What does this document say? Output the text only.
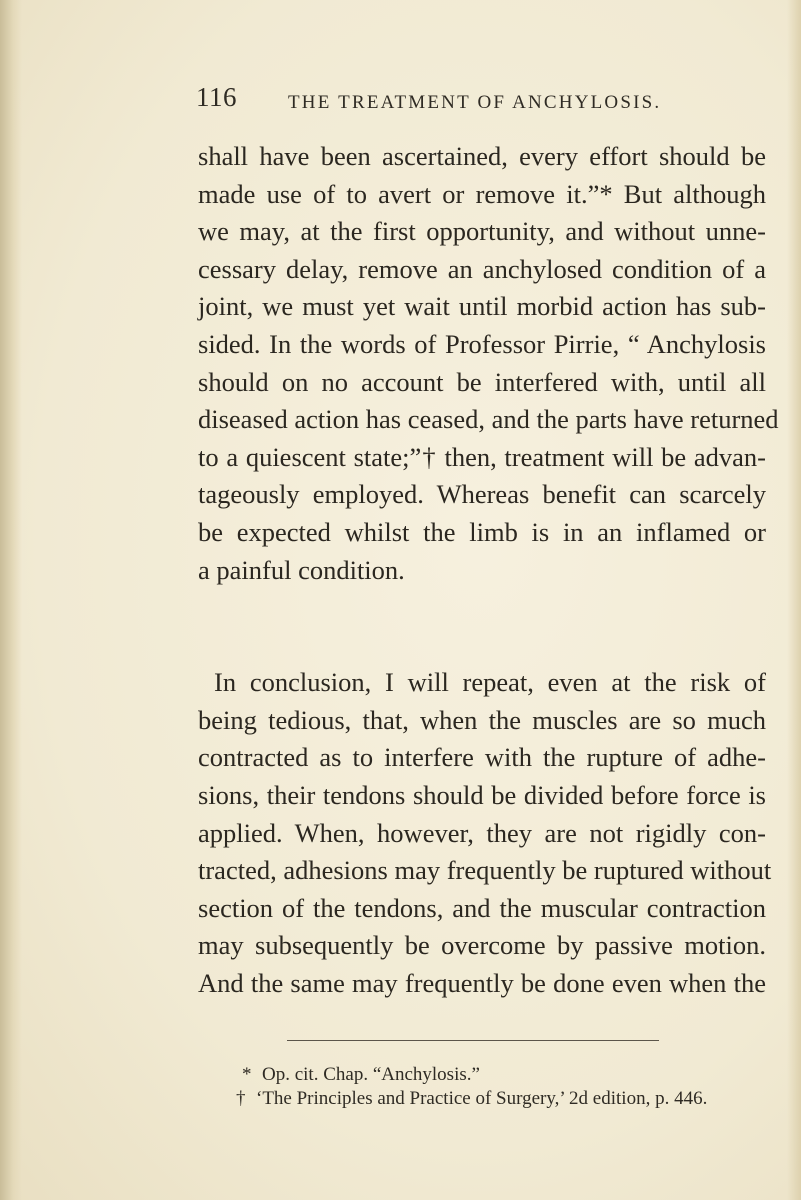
116	THE TREATMENT OF ANCHYLOSIS.
shall have been ascertained, every effort should be
made use of to avert or remove it.”* But although
we may, at the first opportunity, and without unne-
cessary delay, remove an anchylosed condition of a
joint, we must yet wait until morbid action has sub-
sided. In the words of Professor Pirrie, “ Anchylosis
should on no account be interfered with, until all
diseased action has ceased, and the parts have returned
to a quiescent state;”† then, treatment will be advan-
tageously employed. Whereas benefit can scarcely
be expected whilst the limb is in an inflamed or
a painful condition.
In conclusion, I will repeat, even at the risk of
being tedious, that, when the muscles are so much
contracted as to interfere with the rupture of adhe-
sions, their tendons should be divided before force is
applied. When, however, they are not rigidly con-
tracted, adhesions may frequently be ruptured without
section of the tendons, and the muscular contraction
may subsequently be overcome by passive motion.
And the same may frequently be done even when the
* Op. cit. Chap. “Anchylosis.”
† ‘The Principles and Practice of Surgery,’ 2d edition, p. 446.
